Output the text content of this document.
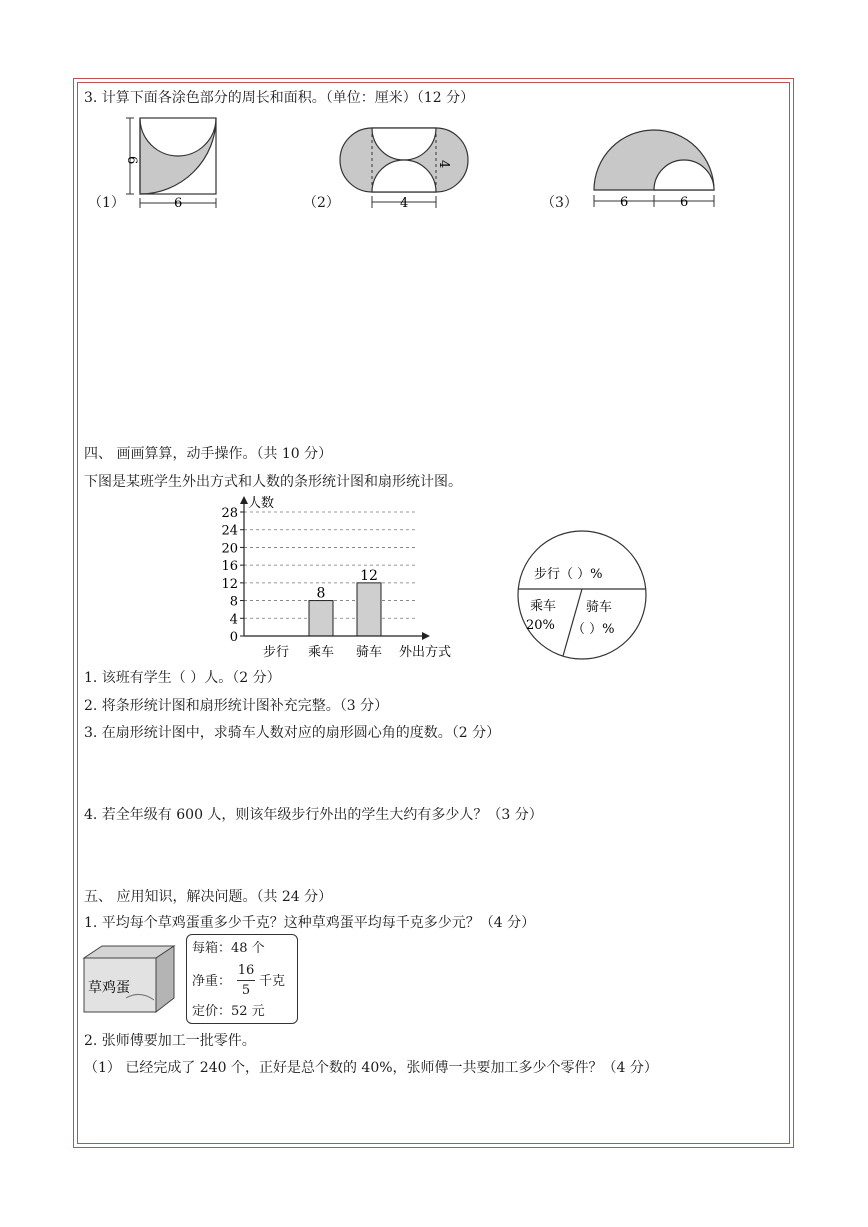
3. 计算下面各涂色部分的周长和面积。（单位：厘米）（12 分）
6
6
（1）	4
4
（2）	6	6
（3）
四、 画画算算，动手操作。（共 10 分）
下图是某班学生外出方式和人数的条形统计图和扇形统计图。
0
4
8
12
16
20
24
28
步行
8
乘车
12
骑车
人数
外出方式
步行（ ）%
乘车
20%
骑车
（ ）%
1. 该班有学生（ ）人。（2 分）
2. 将条形统计图和扇形统计图补充完整。（3 分）
3. 在扇形统计图中，求骑车人数对应的扇形圆心角的度数。（2 分）
4. 若全年级有 600 人，则该年级步行外出的学生大约有多少人？（3 分）
五、 应用知识，解决问题。（共 24 分）
1. 平均每个草鸡蛋重多少千克？这种草鸡蛋平均每千克多少元？（4 分）
草鸡蛋
每箱：48 个
净重：
16
5
千克
定价：52 元
2. 张师傅要加工一批零件。
（1） 已经完成了 240 个，正好是总个数的 40%，张师傅一共要加工多少个零件？（4 分）
